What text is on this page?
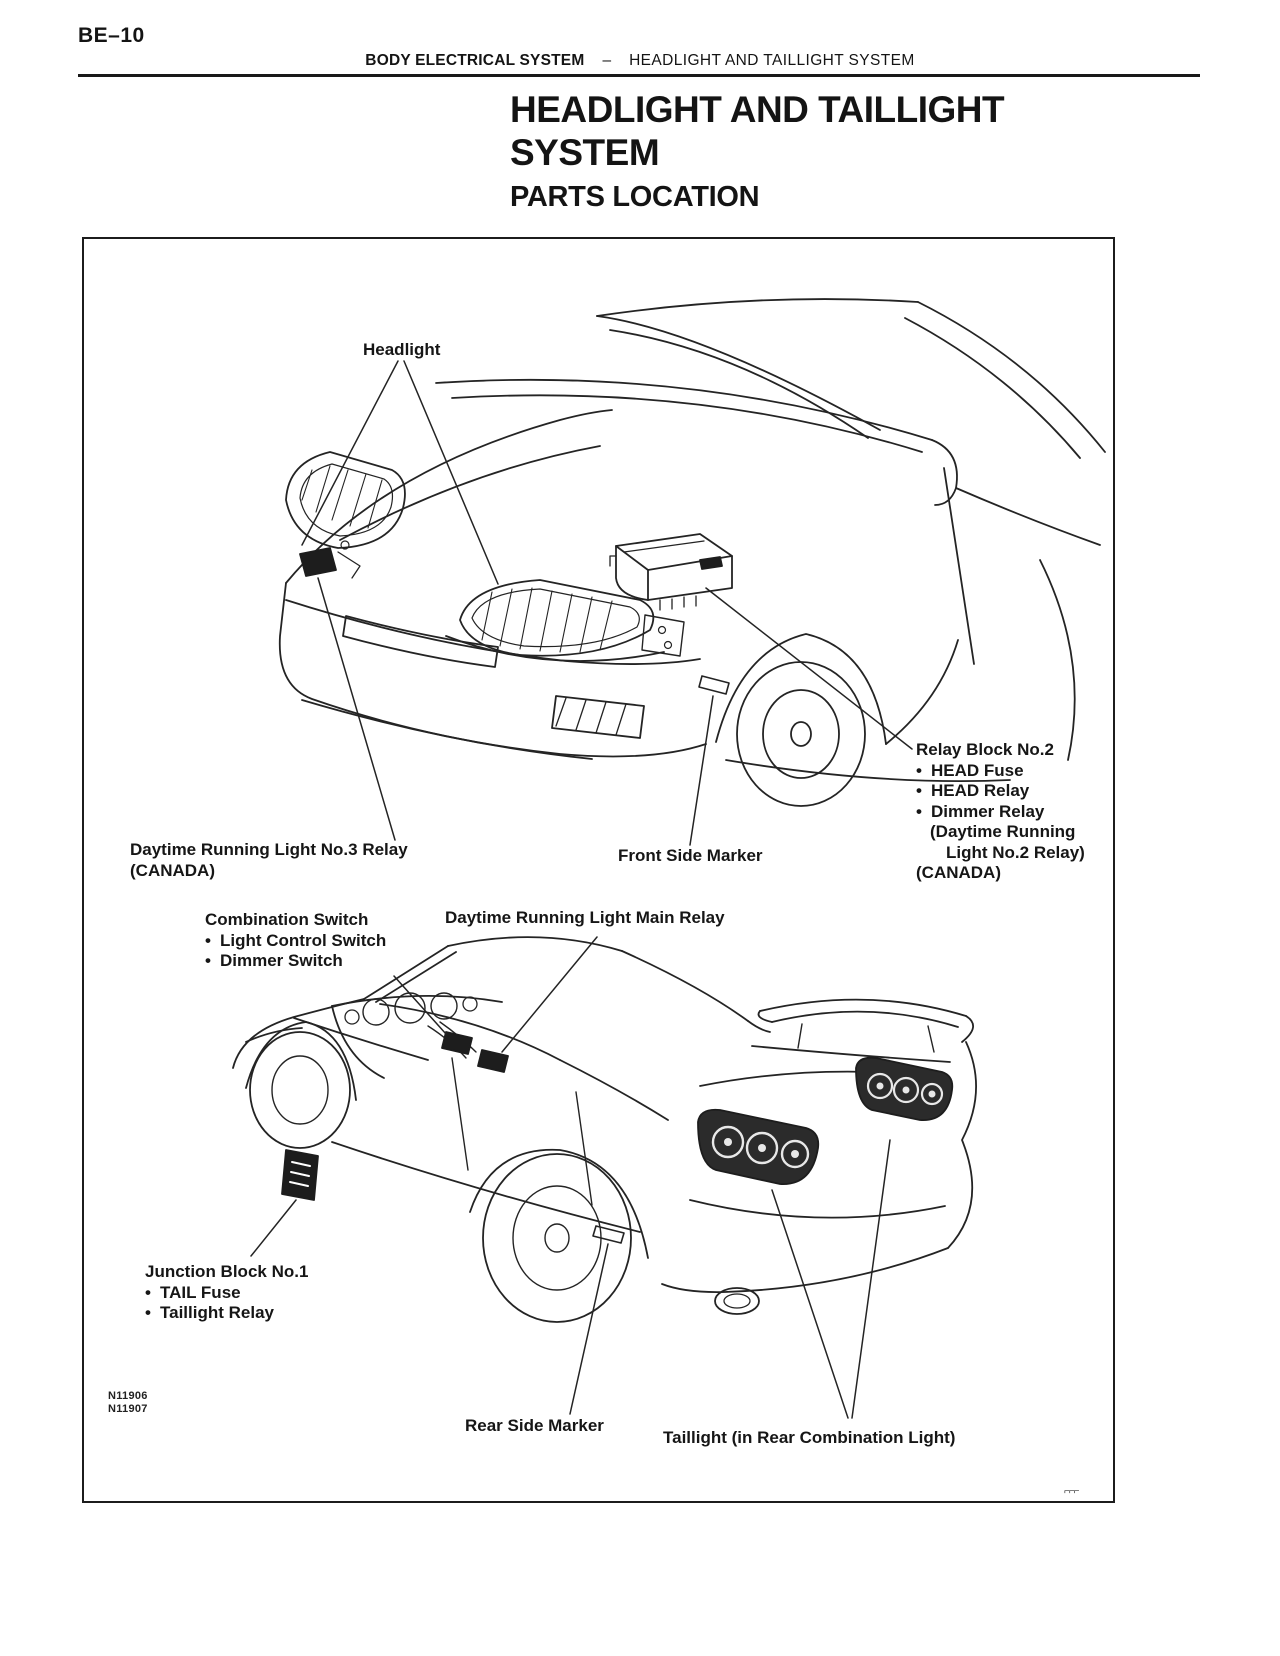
BE–10
BODY ELECTRICAL SYSTEM – HEADLIGHT AND TAILLIGHT SYSTEM
HEADLIGHT AND TAILLIGHT
SYSTEM
PARTS LOCATION
Headlight
Daytime Running Light No.3 Relay
(CANADA)
Front Side Marker
Relay Block No.2
• HEAD Fuse
• HEAD Relay
• Dimmer Relay
(Daytime Running
Light No.2 Relay)
(CANADA)
Combination Switch
• Light Control Switch
• Dimmer Switch
Daytime Running Light Main Relay
Junction Block No.1
• TAIL Fuse
• Taillight Relay
Rear Side Marker
Taillight (in Rear Combination Light)
N11906
N11907
⌐⌐⌐
